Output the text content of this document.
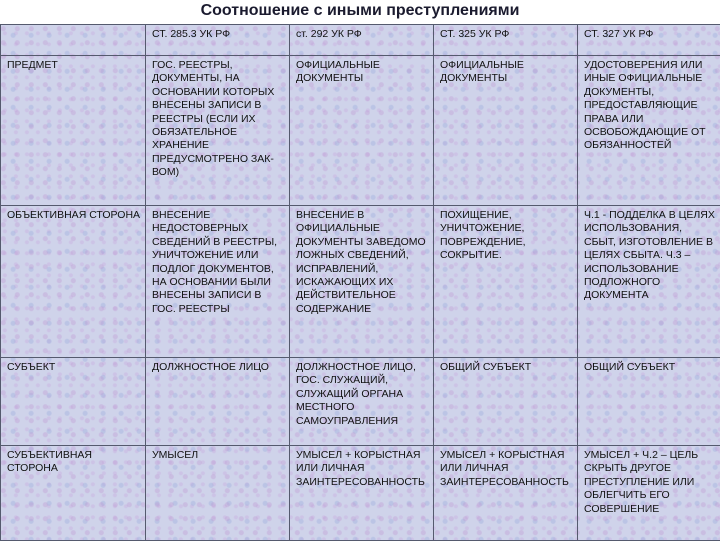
Соотношение с иными преступлениями
	СТ. 285.3 УК РФ	ст. 292 УК РФ	СТ. 325 УК РФ	СТ. 327 УК РФ
ПРЕДМЕТ	ГОС. РЕЕСТРЫ, ДОКУМЕНТЫ, НА ОСНОВАНИИ КОТОРЫХ ВНЕСЕНЫ ЗАПИСИ В РЕЕСТРЫ (ЕСЛИ ИХ ОБЯЗАТЕЛЬНОЕ ХРАНЕНИЕ ПРЕДУСМОТРЕНО ЗАК-ВОМ)	ОФИЦИАЛЬНЫЕ ДОКУМЕНТЫ	ОФИЦИАЛЬНЫЕ ДОКУМЕНТЫ	УДОСТОВЕРЕНИЯ ИЛИ ИНЫЕ ОФИЦИАЛЬНЫЕ ДОКУМЕНТЫ, ПРЕДОСТАВЛЯЮЩИЕ ПРАВА ИЛИ ОСВОБОЖДАЮЩИЕ ОТ ОБЯЗАННОСТЕЙ
ОБЪЕКТИВНАЯ СТОРОНА	ВНЕСЕНИЕ НЕДОСТОВЕРНЫХ СВЕДЕНИЙ В РЕЕСТРЫ, УНИЧТОЖЕНИЕ ИЛИ ПОДЛОГ ДОКУМЕНТОВ, НА ОСНОВАНИИ БЫЛИ ВНЕСЕНЫ ЗАПИСИ В ГОС. РЕЕСТРЫ	ВНЕСЕНИЕ В ОФИЦИАЛЬНЫЕ ДОКУМЕНТЫ ЗАВЕДОМО ЛОЖНЫХ СВЕДЕНИЙ, ИСПРАВЛЕНИЙ, ИСКАЖАЮЩИХ ИХ ДЕЙСТВИТЕЛЬНОЕ СОДЕРЖАНИЕ	ПОХИЩЕНИЕ, УНИЧТОЖЕНИЕ, ПОВРЕЖДЕНИЕ, СОКРЫТИЕ.	Ч.1 - ПОДДЕЛКА В ЦЕЛЯХ ИСПОЛЬЗОВАНИЯ, СБЫТ, ИЗГОТОВЛЕНИЕ В ЦЕЛЯХ СБЫТА. Ч.3 – ИСПОЛЬЗОВАНИЕ ПОДЛОЖНОГО ДОКУМЕНТА
СУБЪЕКТ	ДОЛЖНОСТНОЕ ЛИЦО	ДОЛЖНОСТНОЕ ЛИЦО, ГОС. СЛУЖАЩИЙ, СЛУЖАЩИЙ ОРГАНА МЕСТНОГО САМОУПРАВЛЕНИЯ	ОБЩИЙ СУБЪЕКТ	ОБЩИЙ СУБЪЕКТ
СУБЪЕКТИВНАЯ СТОРОНА	УМЫСЕЛ	УМЫСЕЛ + КОРЫСТНАЯ ИЛИ ЛИЧНАЯ ЗАИНТЕРЕСОВАННОСТЬ	УМЫСЕЛ + КОРЫСТНАЯ ИЛИ ЛИЧНАЯ ЗАИНТЕРЕСОВАННОСТЬ	УМЫСЕЛ + Ч.2 – ЦЕЛЬ СКРЫТЬ ДРУГОЕ ПРЕСТУПЛЕНИЕ ИЛИ ОБЛЕГЧИТЬ ЕГО СОВЕРШЕНИЕ
